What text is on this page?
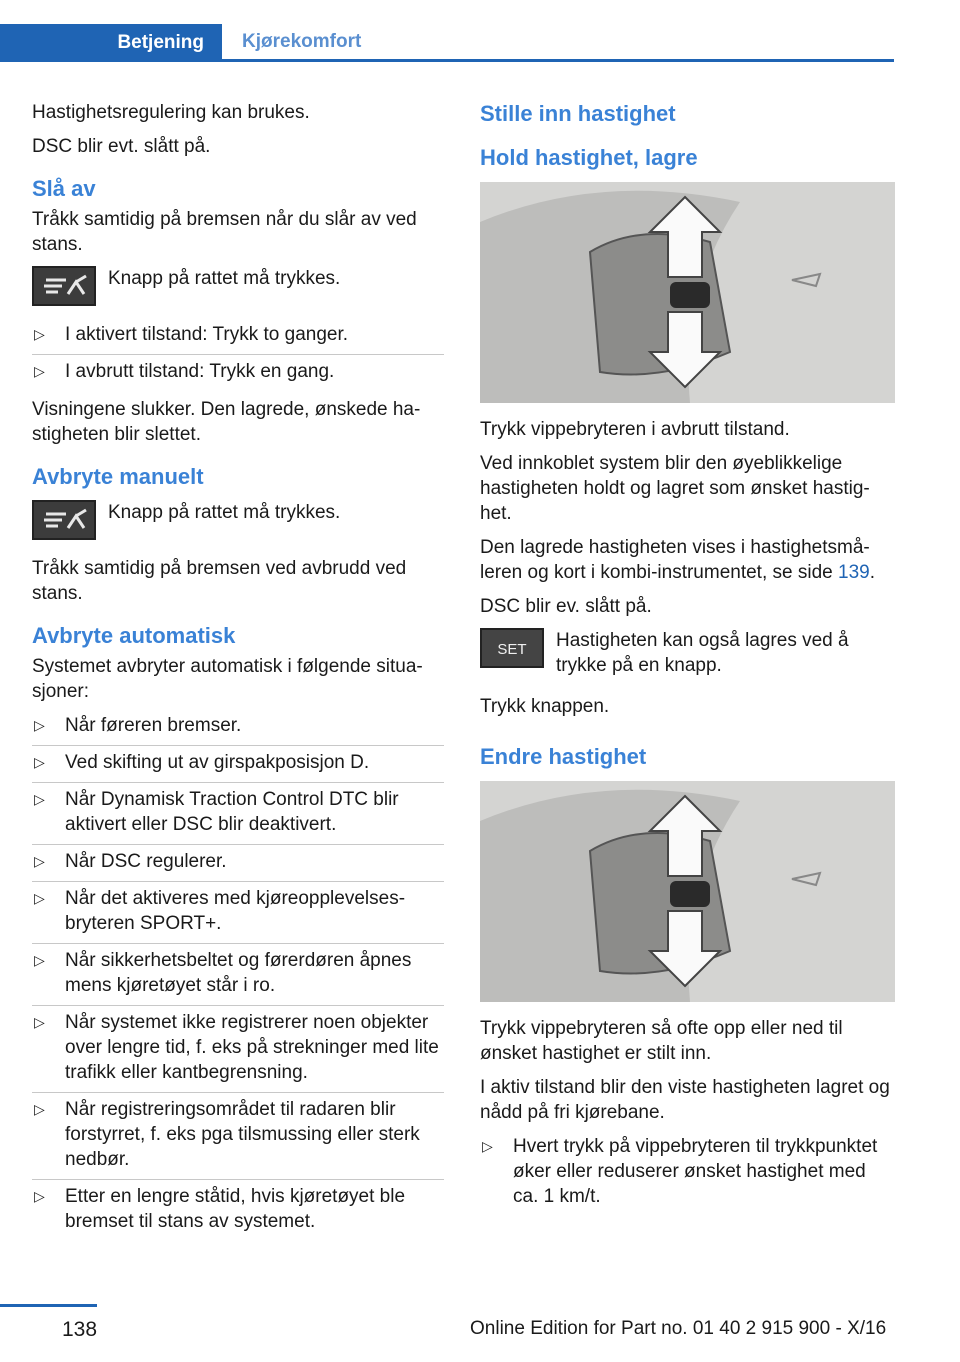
Betjening	Kjørekomfort

Hastighetsregulering kan brukes.

DSC blir evt. slått på.

Slå av

Tråkk samtidig på bremsen når du slår av ved stans.

Knapp på rattet må trykkes.
▷ I aktivert tilstand: Trykk to ganger.
▷ I avbrutt tilstand: Trykk en gang.

Visningene slukker. Den lagrede, ønskede hastigheten blir slettet.

Avbryte manuelt
Knapp på rattet må trykkes.

Tråkk samtidig på bremsen ved avbrudd ved stans.

Avbryte automatisk

Systemet avbryter automatisk i følgende situasjoner:

▷ Når føreren bremser.
▷ Ved skifting ut av girspakposisjon D.
▷ Når Dynamisk Traction Control DTC blir aktivert eller DSC blir deaktivert.
▷ Når DSC regulerer.
▷ Når det aktiveres med kjøreopplevelsesbryteren SPORT+.
▷ Når sikkerhetsbeltet og førerdøren åpnes mens kjøretøyet står i ro.
▷ Når systemet ikke registrerer noen objekter over lengre tid, f. eks på strekninger med lite trafikk eller kantbegrensning.
▷ Når registreringsområdet til radaren blir forstyrret, f. eks pga tilsmussing eller sterk nedbør.
▷ Etter en lengre ståtid, hvis kjøretøyet ble bremset til stans av systemet.
Stille inn hastighet
Hold hastighet, lagre

Trykk vippebryteren i avbrutt tilstand.

Ved innkoblet system blir den øyeblikkelige hastigheten holdt og lagret som ønsket hastighet.

Den lagrede hastigheten vises i hastighetsmåleren og kort i kombi-instrumentet, se side 139.

DSC blir ev. slått på.

SET Hastigheten kan også lagres ved å trykke på en knapp.

Trykk knappen.

Endre hastighet

Trykk vippebryteren så ofte opp eller ned til ønsket hastighet er stilt inn.

I aktiv tilstand blir den viste hastigheten lagret og nådd på fri kjørebane.

▷ Hvert trykk på vippebryteren til trykkpunktet øker eller reduserer ønsket hastighet med ca. 1 km/t.
138	Online Edition for Part no. 01 40 2 915 900 - X/16
